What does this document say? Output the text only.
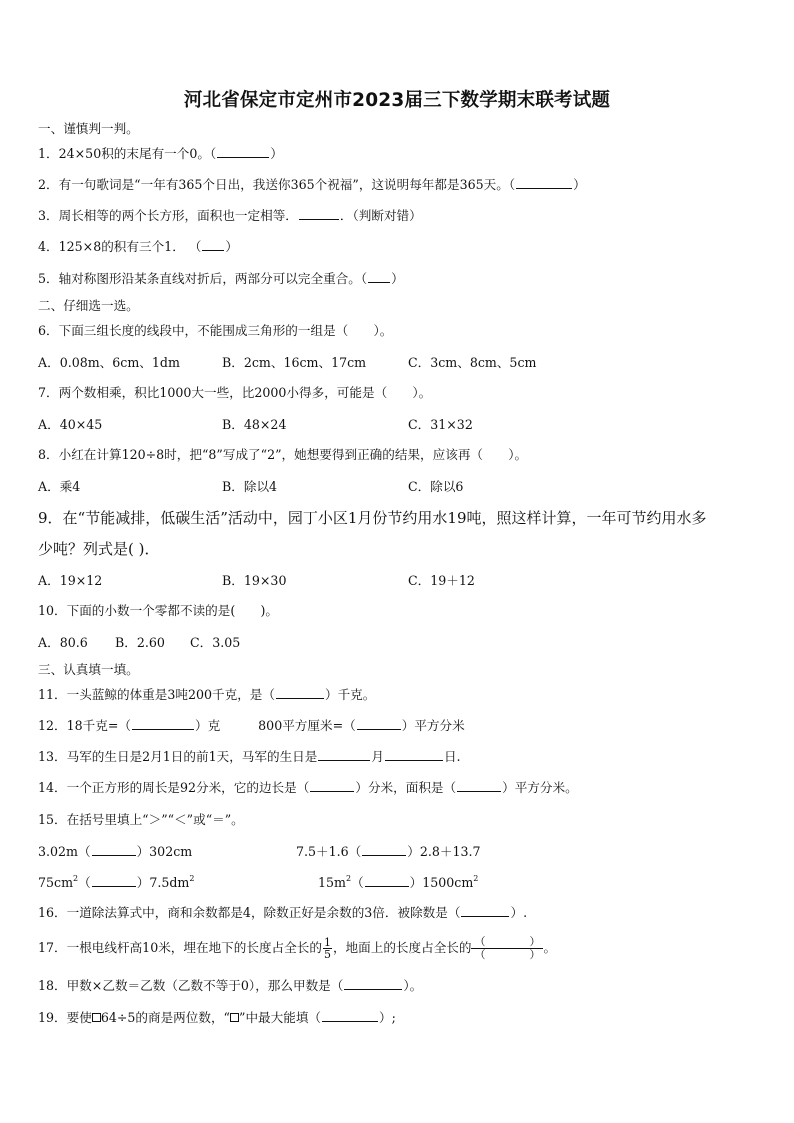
河北省保定市定州市2023届三下数学期末联考试题
一、谨慎判一判。
1．24×50积的末尾有一个0。（	）
2．有一句歌词是“一年有365个日出，我送你365个祝福”，这说明每年都是365天。（	）
3．周长相等的两个长方形，面积也一定相等．	．（判断对错）
4．125×8的积有三个1． （ ）
5．轴对称图形沿某条直线对折后，两部分可以完全重合。（ ）
二、仔细选一选。
6．下面三组长度的线段中，不能围成三角形的一组是（　　）。
A．0.08m、6cm、1dm	B．2cm、16cm、17cm	C．3cm、8cm、5cm
7．两个数相乘，积比1000大一些，比2000小得多，可能是（　　）。
A．40×45	B．48×24	C．31×32
8．小红在计算120÷8时，把“8”写成了“2”，她想要得到正确的结果，应该再（　　）。
A．乘4	B．除以4	C．除以6
9．在“节能减排，低碳生活”活动中，园丁小区1月份节约用水19吨，照这样计算，一年可节约用水多
少吨？列式是( )．
A．19×12	B．19×30	C．19＋12
10．下面的小数一个零都不读的是(　　)。
A．80.6 B．2.60 C．3.05
三、认真填一填。
11．一头蓝鲸的体重是3吨200千克，是（	）千克。
12．18千克=（	）克	800平方厘米=（	）平方分米
13．马军的生日是2月1日的前1天，马军的生日是	月	日.
14．一个正方形的周长是92分米，它的边长是（	）分米，面积是（	）平方分米。
15．在括号里填上“＞”“＜”或“＝”。
3.02m（	）302cm	7.5＋1.6（	）2.8＋13.7
$75cm^2$（	）$7.5dm^2$	$15m^2$（	）$1500cm^2$
16．一道除法算式中，商和余数都是4，除数正好是余数的3倍．被除数是（	）.
17．一根电线杆高10米，埋在地下的长度占全长的 $\frac{1}{5}$ ，地面上的长度占全长的 $\frac{( )}{( )}$ 。
18．甲数×乙数＝乙数（乙数不等于0），那么甲数是（	）。
19．要使 64÷5的商是两位数，“ ”中最大能填（	）;
